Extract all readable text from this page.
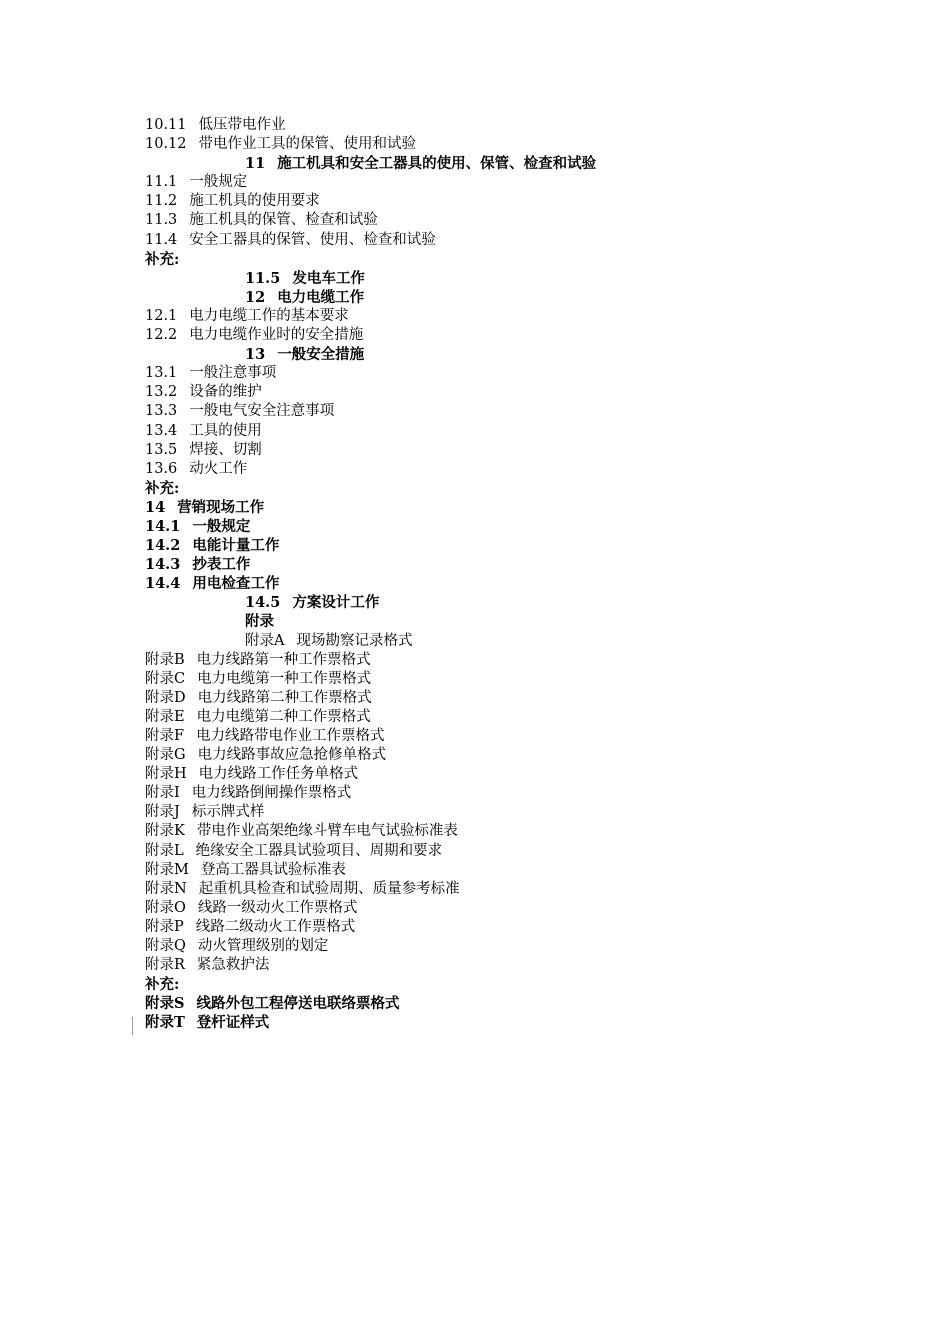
10.11 低压带电作业
10.12 带电作业工具的保管、使用和试验
11 施工机具和安全工器具的使用、保管、检查和试验
11.1 一般规定
11.2 施工机具的使用要求
11.3 施工机具的保管、检查和试验
11.4 安全工器具的保管、使用、检查和试验
补充:
11.5 发电车工作
12 电力电缆工作
12.1 电力电缆工作的基本要求
12.2 电力电缆作业时的安全措施
13 一般安全措施
13.1 一般注意事项
13.2 设备的维护
13.3 一般电气安全注意事项
13.4 工具的使用
13.5 焊接、切割
13.6 动火工作
补充:
14 营销现场工作
14.1 一般规定
14.2 电能计量工作
14.3 抄表工作
14.4 用电检查工作
14.5 方案设计工作
附录
附录A 现场勘察记录格式
附录B 电力线路第一种工作票格式
附录C 电力电缆第一种工作票格式
附录D 电力线路第二种工作票格式
附录E 电力电缆第二种工作票格式
附录F 电力线路带电作业工作票格式
附录G 电力线路事故应急抢修单格式
附录H 电力线路工作任务单格式
附录I 电力线路倒闸操作票格式
附录J 标示牌式样
附录K 带电作业高架绝缘斗臂车电气试验标准表
附录L 绝缘安全工器具试验项目、周期和要求
附录M 登高工器具试验标准表
附录N 起重机具检查和试验周期、质量参考标准
附录O 线路一级动火工作票格式
附录P 线路二级动火工作票格式
附录Q 动火管理级别的划定
附录R 紧急救护法
补充:
附录S 线路外包工程停送电联络票格式
附录T 登杆证样式
